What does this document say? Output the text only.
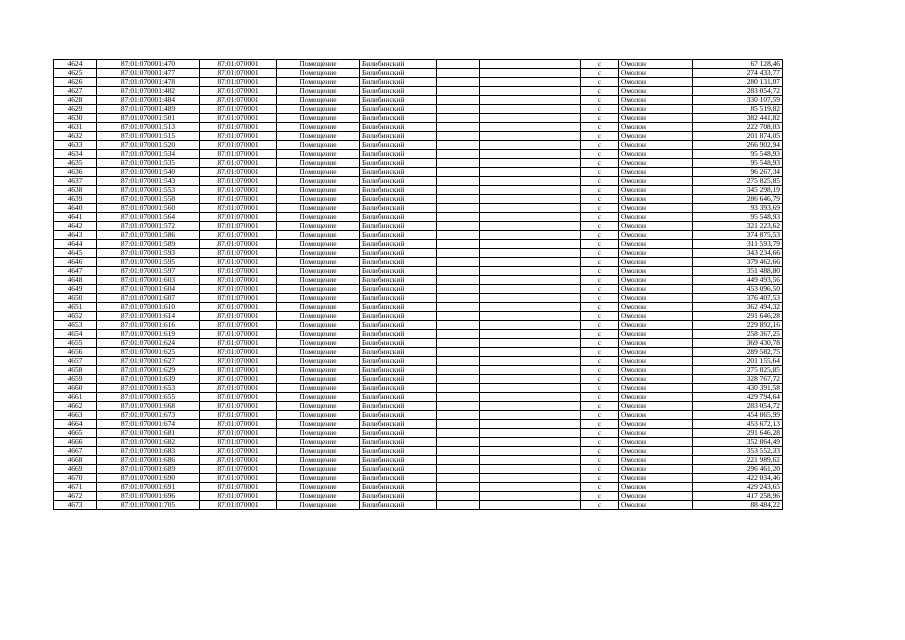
4624	87:01:070001:470	87:01:070001	Помещение	Билибинский			с	Омолон	67 128,46
4625	87:01:070001:477	87:01:070001	Помещение	Билибинский			с	Омолон	274 433,77
4626	87:01:070001:478	87:01:070001	Помещение	Билибинский			с	Омолон	280 131,07
4627	87:01:070001:482	87:01:070001	Помещение	Билибинский			с	Омолон	283 054,72
4628	87:01:070001:484	87:01:070001	Помещение	Билибинский			с	Омолон	330 107,59
4629	87:01:070001:489	87:01:070001	Помещение	Билибинский			с	Омолон	85 519,82
4630	87:01:070001:501	87:01:070001	Помещение	Билибинский			с	Омолон	382 441,82
4631	87:01:070001:513	87:01:070001	Помещение	Билибинский			с	Омолон	222 708,03
4632	87:01:070001:515	87:01:070001	Помещение	Билибинский			с	Омолон	201 874,05
4633	87:01:070001:520	87:01:070001	Помещение	Билибинский			с	Омолон	266 902,94
4634	87:01:070001:534	87:01:070001	Помещение	Билибинский			с	Омолон	95 548,93
4635	87:01:070001:535	87:01:070001	Помещение	Билибинский			с	Омолон	95 548,93
4636	87:01:070001:540	87:01:070001	Помещение	Билибинский			с	Омолон	96 267,34
4637	87:01:070001:543	87:01:070001	Помещение	Билибинский			с	Омолон	275 825,85
4638	87:01:070001:553	87:01:070001	Помещение	Билибинский			с	Омолон	345 298,19
4639	87:01:070001:558	87:01:070001	Помещение	Билибинский			с	Омолон	286 646,79
4640	87:01:070001:560	87:01:070001	Помещение	Билибинский			с	Омолон	93 393,69
4641	87:01:070001:564	87:01:070001	Помещение	Билибинский			с	Омолон	95 548,93
4642	87:01:070001:572	87:01:070001	Помещение	Билибинский			с	Омолон	321 223,62
4643	87:01:070001:586	87:01:070001	Помещение	Билибинский			с	Омолон	374 875,53
4644	87:01:070001:589	87:01:070001	Помещение	Билибинский			с	Омолон	311 593,79
4645	87:01:070001:593	87:01:070001	Помещение	Билибинский			с	Омолон	343 234,66
4646	87:01:070001:595	87:01:070001	Помещение	Билибинский			с	Омолон	379 462,66
4647	87:01:070001:597	87:01:070001	Помещение	Билибинский			с	Омолон	351 488,80
4648	87:01:070001:603	87:01:070001	Помещение	Билибинский			с	Омолон	449 493,56
4649	87:01:070001:604	87:01:070001	Помещение	Билибинский			с	Омолон	453 096,50
4650	87:01:070001:607	87:01:070001	Помещение	Билибинский			с	Омолон	376 407,53
4651	87:01:070001:610	87:01:070001	Помещение	Билибинский			с	Омолон	362 494,32
4652	87:01:070001:614	87:01:070001	Помещение	Билибинский			с	Омолон	291 646,28
4653	87:01:070001:616	87:01:070001	Помещение	Билибинский			с	Омолон	229 892,16
4654	87:01:070001:619	87:01:070001	Помещение	Билибинский			с	Омолон	258 367,25
4655	87:01:070001:624	87:01:070001	Помещение	Билибинский			с	Омолон	369 430,78
4656	87:01:070001:625	87:01:070001	Помещение	Билибинский			с	Омолон	289 582,75
4657	87:01:070001:627	87:01:070001	Помещение	Билибинский			с	Омолон	201 155,64
4658	87:01:070001:629	87:01:070001	Помещение	Билибинский			с	Омолон	275 825,85
4659	87:01:070001:639	87:01:070001	Помещение	Билибинский			с	Омолон	328 767,72
4660	87:01:070001:653	87:01:070001	Помещение	Билибинский			с	Омолон	430 391,58
4661	87:01:070001:655	87:01:070001	Помещение	Билибинский			с	Омолон	429 794,64
4662	87:01:070001:668	87:01:070001	Помещение	Билибинский			с	Омолон	283 054,72
4663	87:01:070001:673	87:01:070001	Помещение	Билибинский			с	Омолон	454 865,99
4664	87:01:070001:674	87:01:070001	Помещение	Билибинский			с	Омолон	453 672,13
4665	87:01:070001:681	87:01:070001	Помещение	Билибинский			с	Омолон	291 646,28
4666	87:01:070001:682	87:01:070001	Помещение	Билибинский			с	Омолон	352 864,49
4667	87:01:070001:683	87:01:070001	Помещение	Билибинский			с	Омолон	353 552,33
4668	87:01:070001:686	87:01:070001	Помещение	Билибинский			с	Омолон	221 989,62
4669	87:01:070001:689	87:01:070001	Помещение	Билибинский			с	Омолон	296 461,20
4670	87:01:070001:690	87:01:070001	Помещение	Билибинский			с	Омолон	422 034,46
4671	87:01:070001:691	87:01:070001	Помещение	Билибинский			с	Омолон	429 243,65
4672	87:01:070001:696	87:01:070001	Помещение	Билибинский			с	Омолон	417 258,96
4673	87:01:070001:705	87:01:070001	Помещение	Билибинский			с	Омолон	88 484,22
